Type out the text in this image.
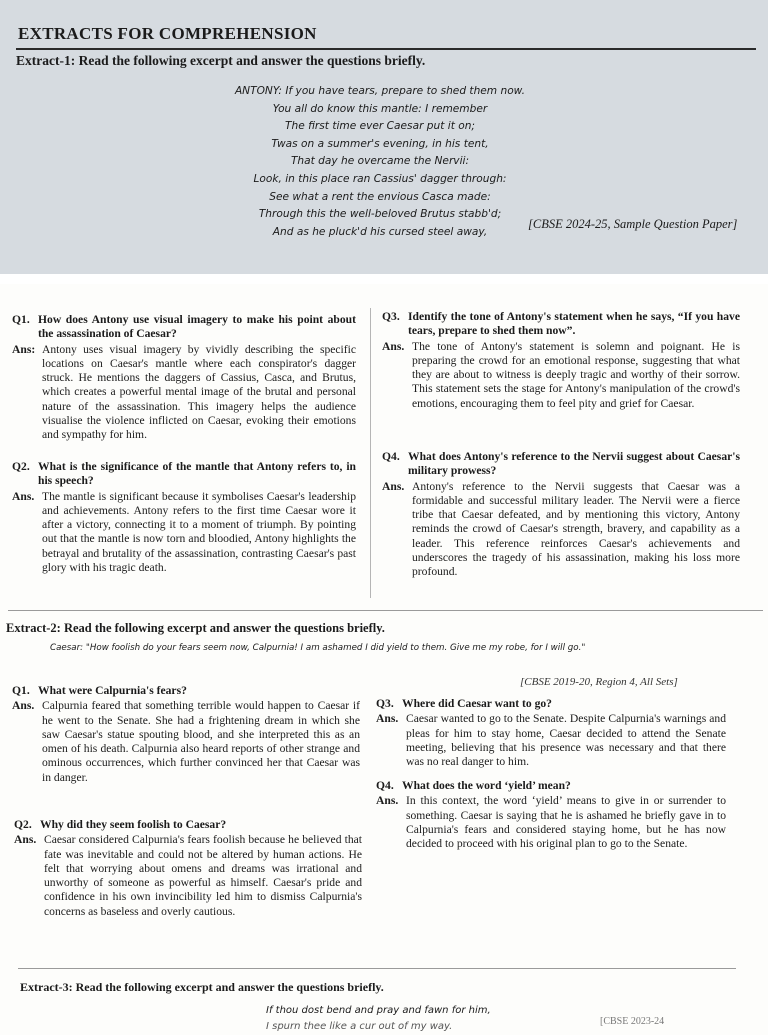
EXTRACTS FOR COMPREHENSION
Extract-1: Read the following excerpt and answer the questions briefly.
ANTONY: If you have tears, prepare to shed them now.
You all do know this mantle: I remember
The first time ever Caesar put it on;
Twas on a summer's evening, in his tent,
That day he overcame the Nervii:
Look, in this place ran Cassius' dagger through:
See what a rent the envious Casca made:
Through this the well-beloved Brutus stabb'd;
And as he pluck'd his cursed steel away,
[CBSE 2024-25, Sample Question Paper]
Q1. How does Antony use visual imagery to make his point about the assassination of Caesar?
Ans: Antony uses visual imagery by vividly describing the specific locations on Caesar's mantle where each conspirator's dagger struck. He mentions the daggers of Cassius, Casca, and Brutus, which creates a powerful mental image of the brutal and personal nature of the assassination. This imagery helps the audience visualise the violence inflicted on Caesar, evoking their emotions and sympathy for him.
Q2. What is the significance of the mantle that Antony refers to, in his speech?
Ans. The mantle is significant because it symbolises Caesar's leadership and achievements. Antony refers to the first time Caesar wore it after a victory, connecting it to a moment of triumph. By pointing out that the mantle is now torn and bloodied, Antony highlights the betrayal and brutality of the assassination, contrasting Caesar's past glory with his tragic death.
Q3. Identify the tone of Antony's statement when he says, “If you have tears, prepare to shed them now”.
Ans. The tone of Antony's statement is solemn and poignant. He is preparing the crowd for an emotional response, suggesting that what they are about to witness is deeply tragic and worthy of their sorrow. This statement sets the stage for Antony's manipulation of the crowd's emotions, encouraging them to feel pity and grief for Caesar.
Q4. What does Antony's reference to the Nervii suggest about Caesar's military prowess?
Ans. Antony's reference to the Nervii suggests that Caesar was a formidable and successful military leader. The Nervii were a fierce tribe that Caesar defeated, and by mentioning this victory, Antony reminds the crowd of Caesar's strength, bravery, and capability as a leader. This reference reinforces Caesar's achievements and underscores the tragedy of his assassination, making his loss more profound.
Extract-2: Read the following excerpt and answer the questions briefly.
Caesar: "How foolish do your fears seem now, Calpurnia! I am ashamed I did yield to them. Give me my robe, for I will go."
[CBSE 2019-20, Region 4, All Sets]
Q1. What were Calpurnia's fears?
Ans. Calpurnia feared that something terrible would happen to Caesar if he went to the Senate. She had a frightening dream in which she saw Caesar's statue spouting blood, and she interpreted this as an omen of his death. Calpurnia also heard reports of other strange and ominous occurrences, which further convinced her that Caesar was in danger.
Q2. Why did they seem foolish to Caesar?
Ans. Caesar considered Calpurnia's fears foolish because he believed that fate was inevitable and could not be altered by human actions. He felt that worrying about omens and dreams was irrational and unworthy of someone as powerful as himself. Caesar's pride and confidence in his own invincibility led him to dismiss Calpurnia's concerns as baseless and overly cautious.
Q3. Where did Caesar want to go?
Ans. Caesar wanted to go to the Senate. Despite Calpurnia's warnings and pleas for him to stay home, Caesar decided to attend the Senate meeting, believing that his presence was necessary and that there was no real danger to him.
Q4. What does the word ‘yield’ mean?
Ans. In this context, the word ‘yield’ means to give in or surrender to something. Caesar is saying that he is ashamed he briefly gave in to Calpurnia's fears and considered staying home, but he has now decided to proceed with his original plan to go to the Senate.
Extract-3: Read the following excerpt and answer the questions briefly.
If thou dost bend and pray and fawn for him,
I spurn thee like a cur out of my way.	[CBSE 2023-24
